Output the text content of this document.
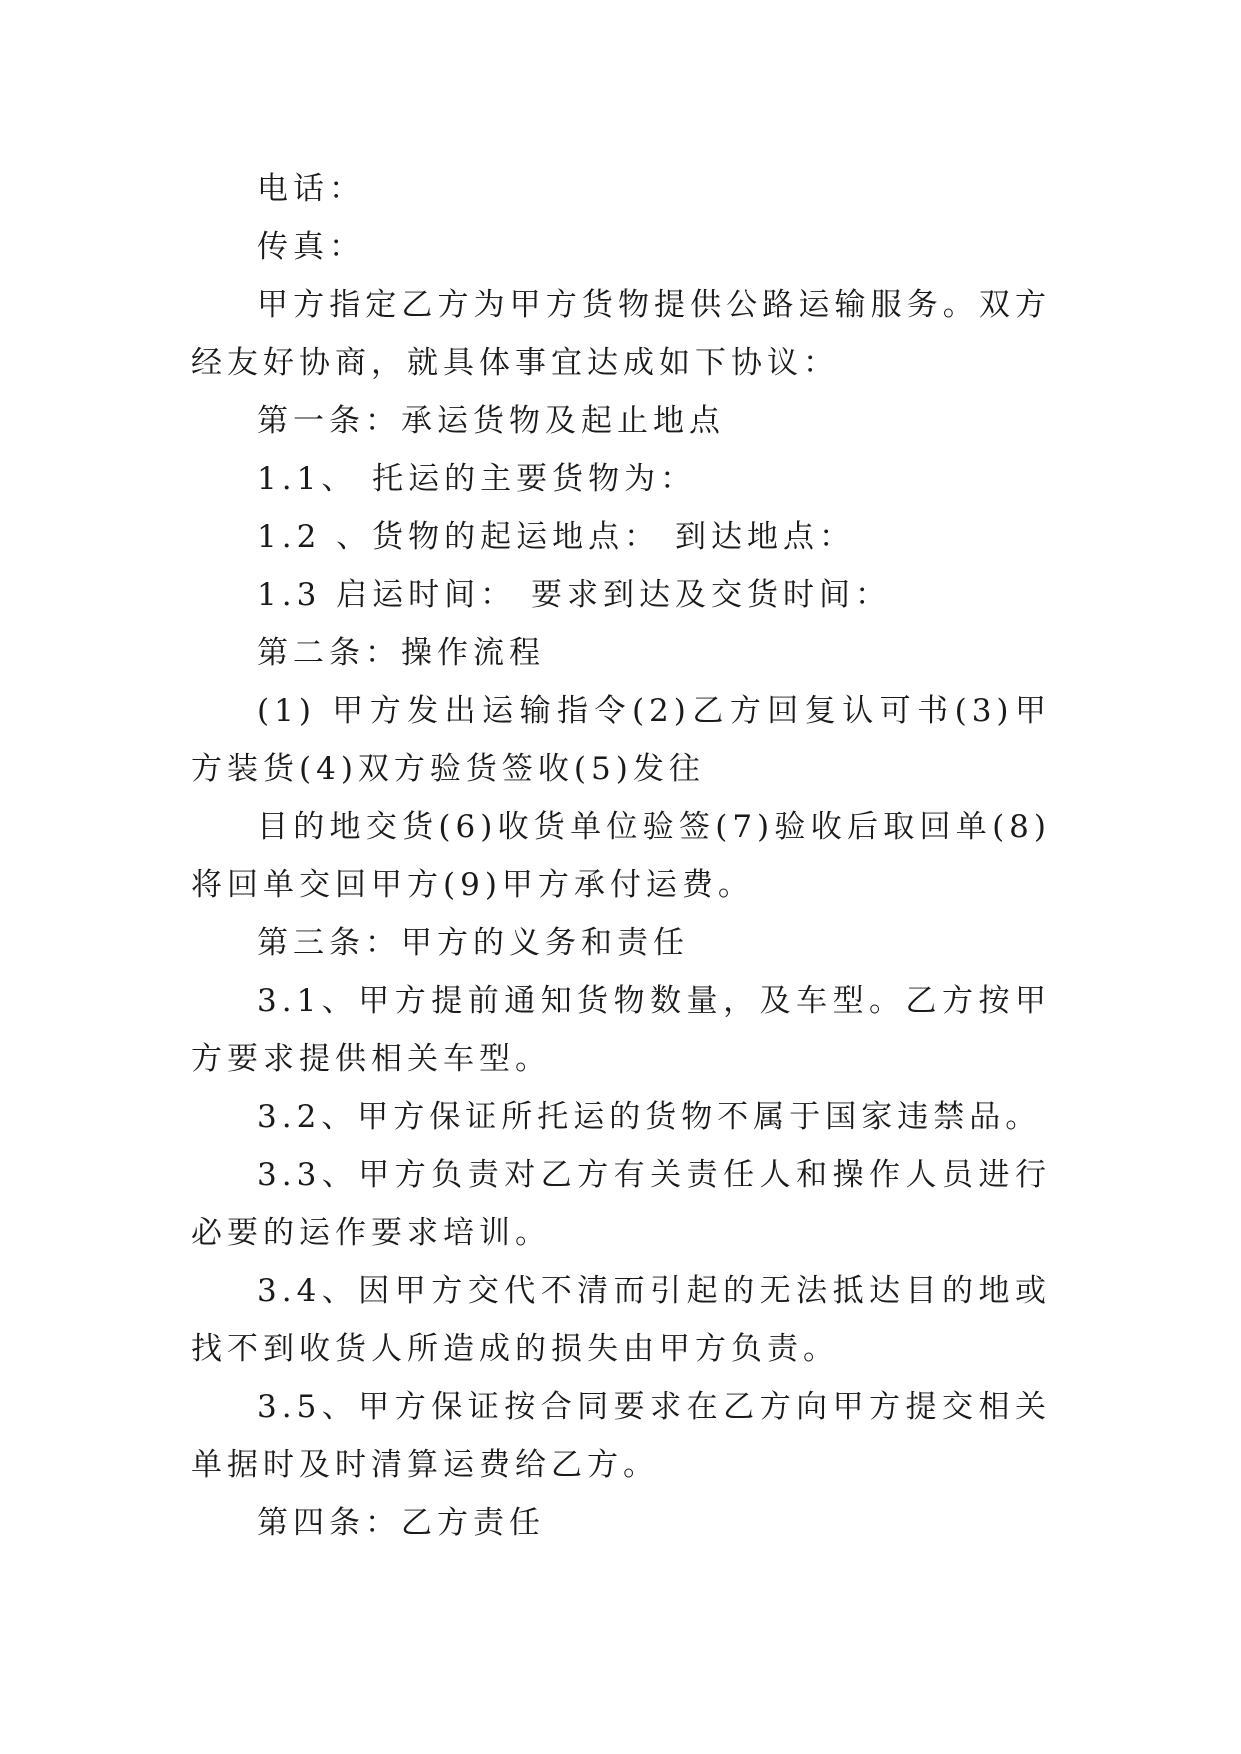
电话：

传真：

甲方指定乙方为甲方货物提供公路运输服务。双方经友好协商，就具体事宜达成如下协议：

第一条：承运货物及起止地点

1.1、 托运的主要货物为：

1.2 、货物的起运地点： 到达地点：

1.3 启运时间： 要求到达及交货时间：

第二条：操作流程

(1) 甲方发出运输指令(2)乙方回复认可书(3)甲方装货(4)双方验货签收(5)发往

目的地交货(6)收货单位验签(7)验收后取回单(8)将回单交回甲方(9)甲方承付运费。

第三条：甲方的义务和责任

3.1、甲方提前通知货物数量，及车型。乙方按甲方要求提供相关车型。

3.2、甲方保证所托运的货物不属于国家违禁品。

3.3、甲方负责对乙方有关责任人和操作人员进行必要的运作要求培训。

3.4、因甲方交代不清而引起的无法抵达目的地或找不到收货人所造成的损失由甲方负责。

3.5、甲方保证按合同要求在乙方向甲方提交相关单据时及时清算运费给乙方。

第四条：乙方责任
